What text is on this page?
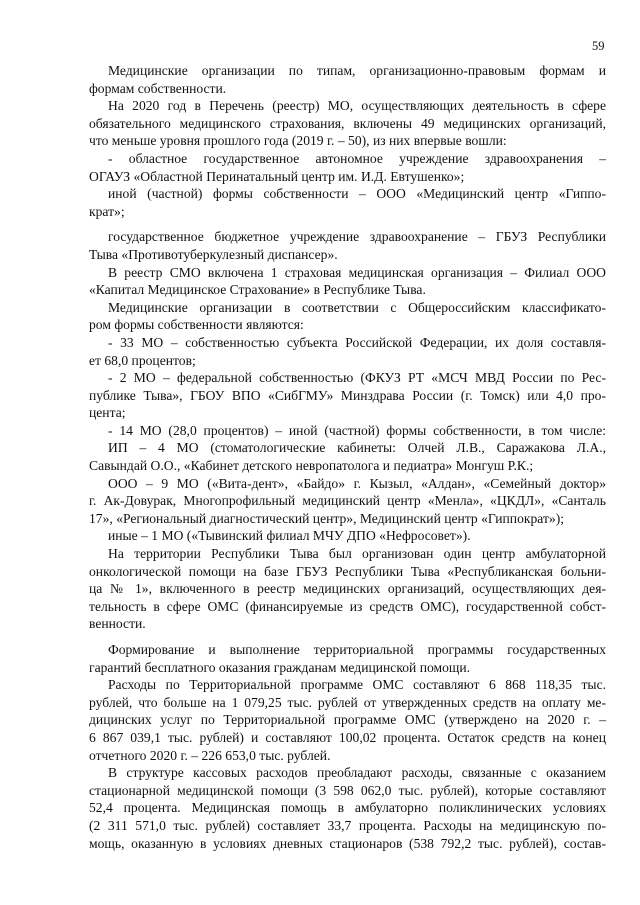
59
Медицинские организации по типам, организационно-правовым формам и
формам собственности.
На 2020 год в Перечень (реестр) МО, осуществляющих деятельность в сфере
обязательного медицинского страхования, включены 49 медицинских организаций,
что меньше уровня прошлого года (2019 г. – 50), из них впервые вошли:
- областное государственное автономное учреждение здравоохранения –
ОГАУЗ «Областной Перинатальный центр им. И.Д. Евтушенко»;
иной (частной) формы собственности – ООО «Медицинский центр «Гиппо-
крат»;
государственное бюджетное учреждение здравоохранение – ГБУЗ Республики
Тыва «Противотуберкулезный диспансер».
В реестр СМО включена 1 страховая медицинская организация – Филиал ООО
«Капитал Медицинское Страхование» в Республике Тыва.
Медицинские организации в соответствии с Общероссийским классификато-
ром формы собственности являются:
- 33 МО – собственностью субъекта Российской Федерации, их доля составля-
ет 68,0 процентов;
- 2 МО – федеральной собственностью (ФКУЗ РТ «МСЧ МВД России по Рес-
публике Тыва», ГБОУ ВПО «СибГМУ» Минздрава России (г. Томск) или 4,0 про-
цента;
- 14 МО (28,0 процентов) – иной (частной) формы собственности, в том числе:
ИП – 4 МО (стоматологические кабинеты: Олчей Л.В., Саражакова Л.А.,
Савындай О.О., «Кабинет детского невропатолога и педиатра» Монгуш Р.К.;
ООО – 9 МО («Вита-дент», «Байдо» г. Кызыл, «Алдан», «Семейный доктор»
г. Ак-Довурак, Многопрофильный медицинский центр «Менла», «ЦКДЛ», «Санталь
17», «Региональный диагностический центр», Медицинский центр «Гиппократ»);
иные – 1 МО («Тывинский филиал МЧУ ДПО «Нефросовет»).
На территории Республики Тыва был организован один центр амбулаторной
онкологической помощи на базе ГБУЗ Республики Тыва «Республиканская больни-
ца № 1», включенного в реестр медицинских организаций, осуществляющих дея-
тельность в сфере ОМС (финансируемые из средств ОМС), государственной собст-
венности.
Формирование и выполнение территориальной программы государственных
гарантий бесплатного оказания гражданам медицинской помощи.
Расходы по Территориальной программе ОМС составляют 6 868 118,35 тыс.
рублей, что больше на 1 079,25 тыс. рублей от утвержденных средств на оплату ме-
дицинских услуг по Территориальной программе ОМС (утверждено на 2020 г. –
6 867 039,1 тыс. рублей) и составляют 100,02 процента. Остаток средств на конец
отчетного 2020 г. – 226 653,0 тыс. рублей.
В структуре кассовых расходов преобладают расходы, связанные с оказанием
стационарной медицинской помощи (3 598 062,0 тыс. рублей), которые составляют
52,4 процента. Медицинская помощь в амбулаторно поликлинических условиях
(2 311 571,0 тыс. рублей) составляет 33,7 процента. Расходы на медицинскую по-
мощь, оказанную в условиях дневных стационаров (538 792,2 тыс. рублей), состав-
